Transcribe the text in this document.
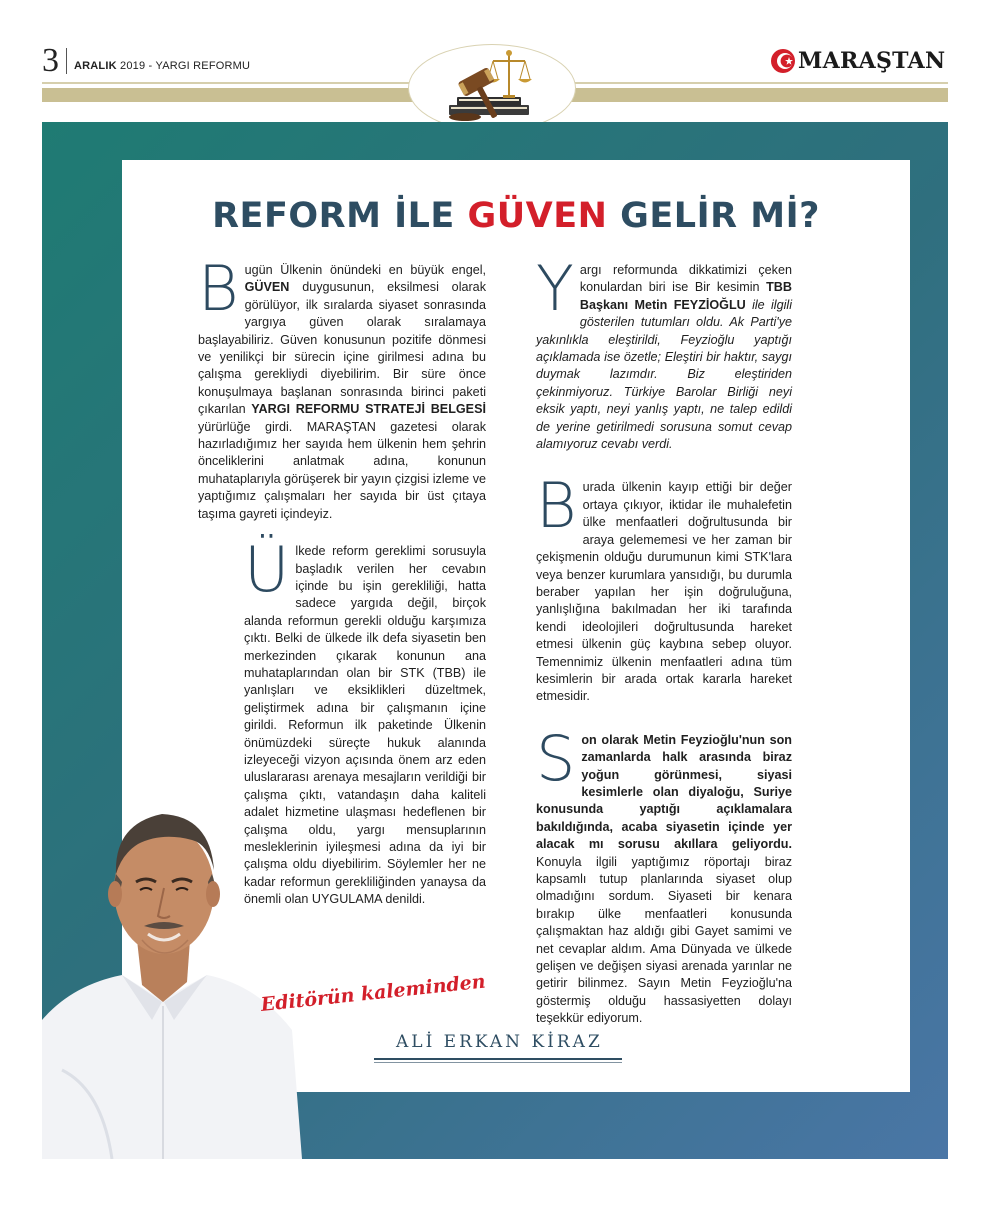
3 ARALIK 2019 - YARGI REFORMU	MARAŞTAN
REFORM İLE GÜVEN GELİR Mİ?

Bugün Ülkenin önündeki en büyük engel, GÜVEN duygusunun, eksilmesi olarak görülüyor, ilk sıralarda siyaset sonrasında yargıya güven olarak sıralamaya başlayabiliriz. Güven konusunun pozitife dönmesi ve yenilikçi bir sürecin içine girilmesi adına bu çalışma gerekliydi diyebilirim. Bir süre önce konuşulmaya başlanan sonrasında birinci paketi çıkarılan YARGI REFORMU STRATEJİ BELGESİ yürürlüğe girdi. MARAŞTAN gazetesi olarak hazırladığımız her sayıda hem ülkenin hem şehrin önceliklerini anlatmak adına, konunun muhataplarıyla görüşerek bir yayın çizgisi izleme ve yaptığımız çalışmaları her sayıda bir üst çıtaya taşıma gayreti içindeyiz.

Ülkede reform gereklimi sorusuyla başladık verilen her cevabın içinde bu işin gerekliliği, hatta sadece yargıda değil, birçok alanda reformun gerekli olduğu karşımıza çıktı. Belki de ülkede ilk defa siyasetin ben merkezinden çıkarak konunun ana muhataplarından olan bir STK (TBB) ile yanlışları ve eksiklikleri düzeltmek, geliştirmek adına bir çalışmanın içine girildi. Reformun ilk paketinde Ülkenin önümüzdeki süreçte hukuk alanında izleyeceği vizyon açısında önem arz eden uluslararası arenaya mesajların verildiği bir çalışma çıktı, vatandaşın daha kaliteli adalet hizmetine ulaşması hedeflenen bir çalışma oldu, yargı mensuplarının mesleklerinin iyileşmesi adına da iyi bir çalışma oldu diyebilirim. Söylemler her ne kadar reformun gerekliliğinden yanaysa da önemli olan UYGULAMA denildi.

Yargı reformunda dikkatimizi çeken konulardan biri ise Bir kesimin TBB Başkanı Metin FEYZİOĞLU ile ilgili gösterilen tutumları oldu. Ak Parti'ye yakınlıkla eleştirildi, Feyzioğlu yaptığı açıklamada ise özetle; Eleştiri bir haktır, saygı duymak lazımdır. Biz eleştiriden çekinmiyoruz. Türkiye Barolar Birliği neyi eksik yaptı, neyi yanlış yaptı, ne talep edildi de yerine getirilmedi sorusuna somut cevap alamıyoruz cevabı verdi.

Burada ülkenin kayıp ettiği bir değer ortaya çıkıyor, iktidar ile muhalefetin ülke menfaatleri doğrultusunda bir araya gelememesi ve her zaman bir çekişmenin olduğu durumunun kimi STK'lara veya benzer kurumlara yansıdığı, bu durumla beraber yapılan her işin doğruluğuna, yanlışlığına bakılmadan her iki tarafında kendi ideolojileri doğrultusunda hareket etmesi ülkenin güç kaybına sebep oluyor. Temennimiz ülkenin menfaatleri adına tüm kesimlerin bir arada ortak kararla hareket etmesidir.

Son olarak Metin Feyzioğlu'nun son zamanlarda halk arasında biraz yoğun görünmesi, siyasi kesimlerle olan diyaloğu, Suriye konusunda yaptığı açıklamalara bakıldığında, acaba siyasetin içinde yer alacak mı sorusu akıllara geliyordu. Konuyla ilgili yaptığımız röportajı biraz kapsamlı tutup planlarında siyaset olup olmadığını sordum. Siyaseti bir kenara bırakıp ülke menfaatleri konusunda çalışmaktan haz aldığı gibi Gayet samimi ve net cevaplar aldım. Ama Dünyada ve ülkede gelişen ve değişen siyasi arenada yarınlar ne getirir bilinmez. Sayın Metin Feyzioğlu'na göstermiş olduğu hassasiyetten dolayı teşekkür ediyorum.

Editörün kaleminden
ALİ ERKAN KİRAZ
